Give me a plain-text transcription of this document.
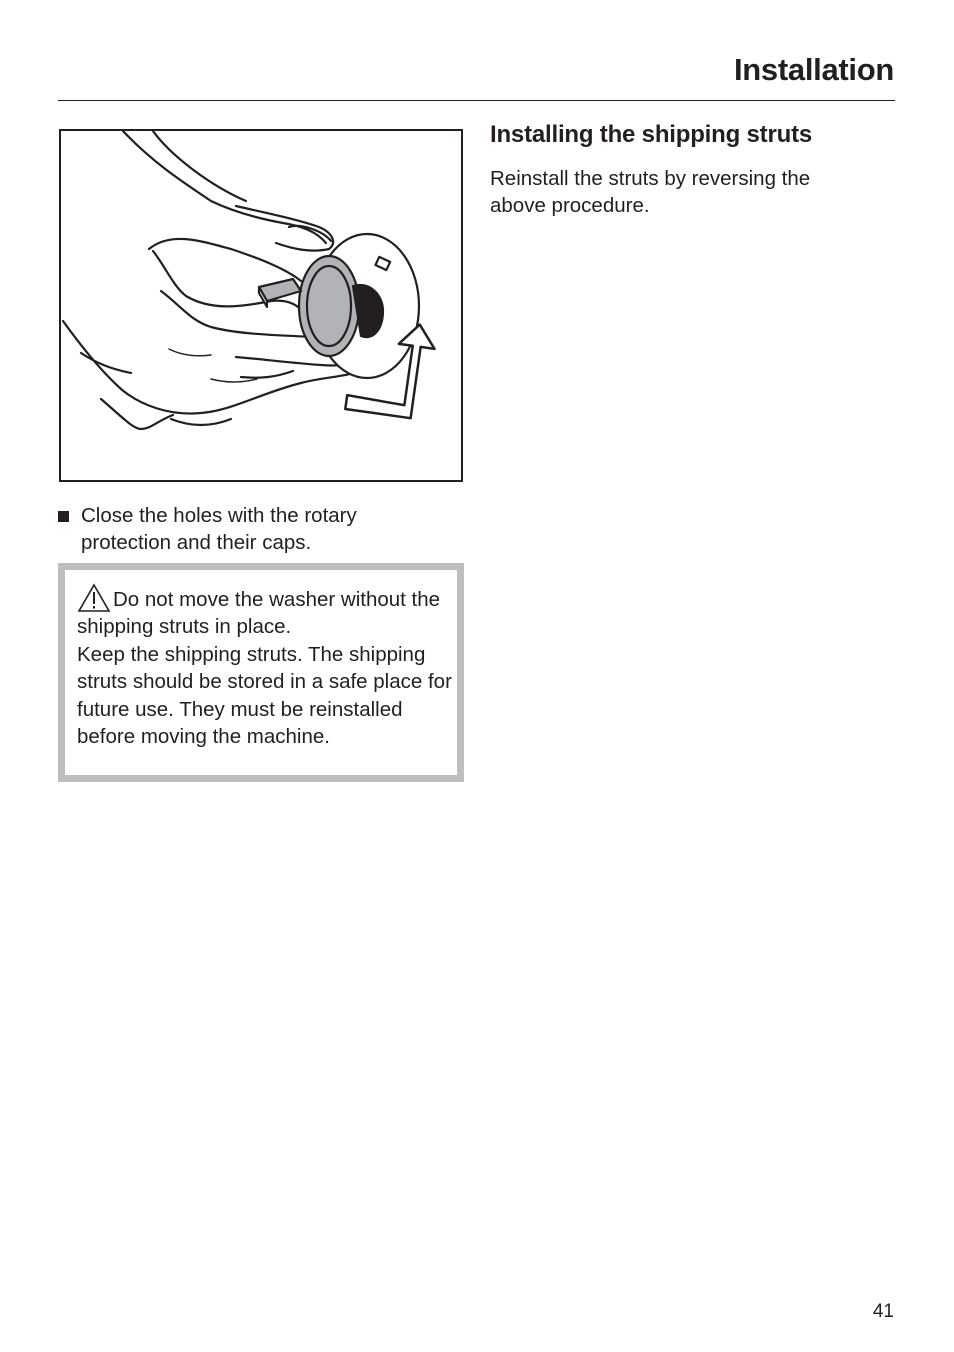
Installation
Close the holes with the rotary protection and their caps.
Do not move the washer without the shipping struts in place.
Keep the shipping struts. The shipping struts should be stored in a safe place for future use. They must be reinstalled before moving the machine.
Installing the shipping struts

Reinstall the struts by reversing the above procedure.

41
